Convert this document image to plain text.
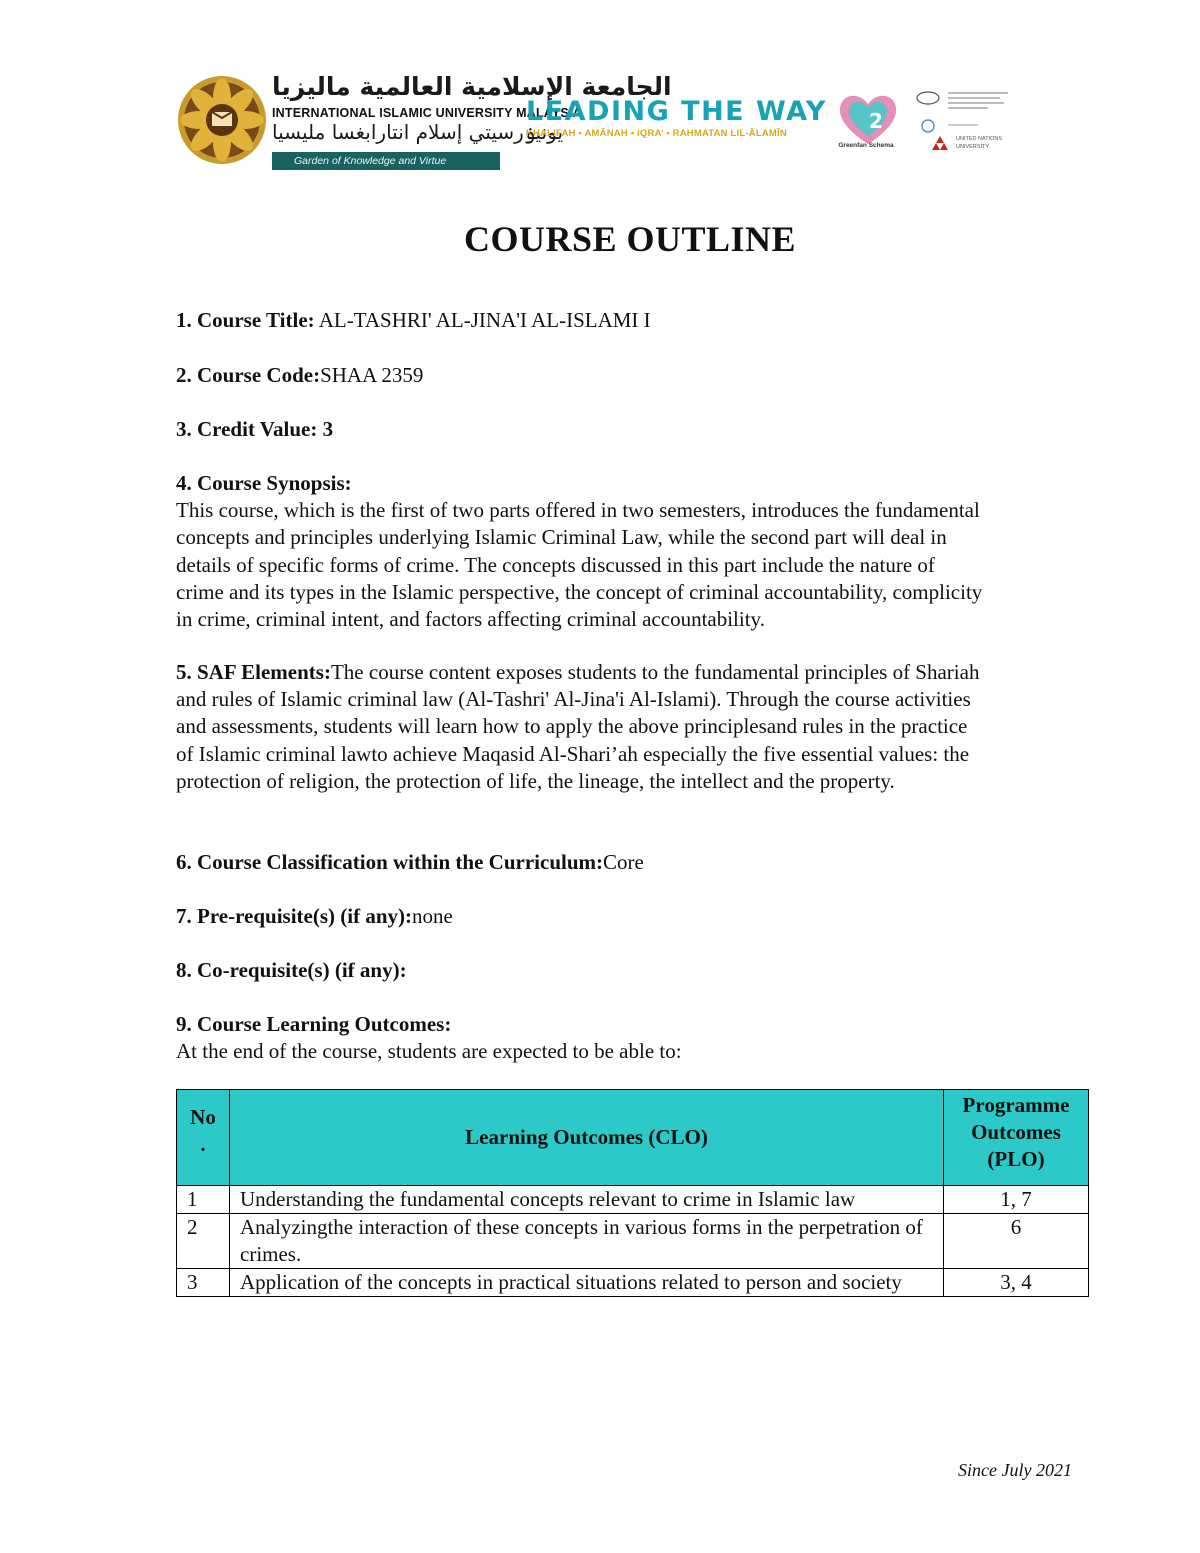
الجامعة الإسلامية العالمية ماليزيا
INTERNATIONAL ISLAMIC UNIVERSITY MALAYSIA
يونيۏرسيتي إسلام انتارابغسا مليسيا
Garden of Knowledge and Virtue
LEADING THE WAY
KHALIFAH • AMĀNAH • IQRA’ • RAHMATAN LIL-ĀLAMĪN
2
Greenfan Schema
UNITED NATIONS
UNIVERSITY
COURSE OUTLINE
1. Course Title: AL-TASHRI' AL-JINA'I AL-ISLAMI I
2. Course Code:SHAA 2359
3. Credit Value: 3
4. Course Synopsis:
This course, which is the first of two parts offered in two semesters, introduces the fundamental
concepts and principles underlying Islamic Criminal Law, while the second part will deal in
details of specific forms of crime. The concepts discussed in this part include the nature of
crime and its types in the Islamic perspective, the concept of criminal accountability, complicity
in crime, criminal intent, and factors affecting criminal accountability.
5. SAF Elements:The course content exposes students to the fundamental principles of Shariah
and rules of Islamic criminal law (Al-Tashri' Al-Jina'i Al-Islami). Through the course activities
and assessments, students will learn how to apply the above principlesand rules in the practice
of Islamic criminal lawto achieve Maqasid Al-Shari’ah especially the five essential values: the
protection of religion, the protection of life, the lineage, the intellect and the property.
6. Course Classification within the Curriculum:Core
7. Pre-requisite(s) (if any):none
8. Co-requisite(s) (if any):
9. Course Learning Outcomes:
At the end of the course, students are expected to be able to:
No
.	Learning Outcomes (CLO)	Programme
Outcomes
(PLO)
1	Understanding the fundamental concepts relevant to crime in Islamic law	1, 7
2	Analyzingthe interaction of these concepts in various forms in the perpetration of crimes.	6
3	Application of the concepts in practical situations related to person and society	3, 4
Since July 2021
